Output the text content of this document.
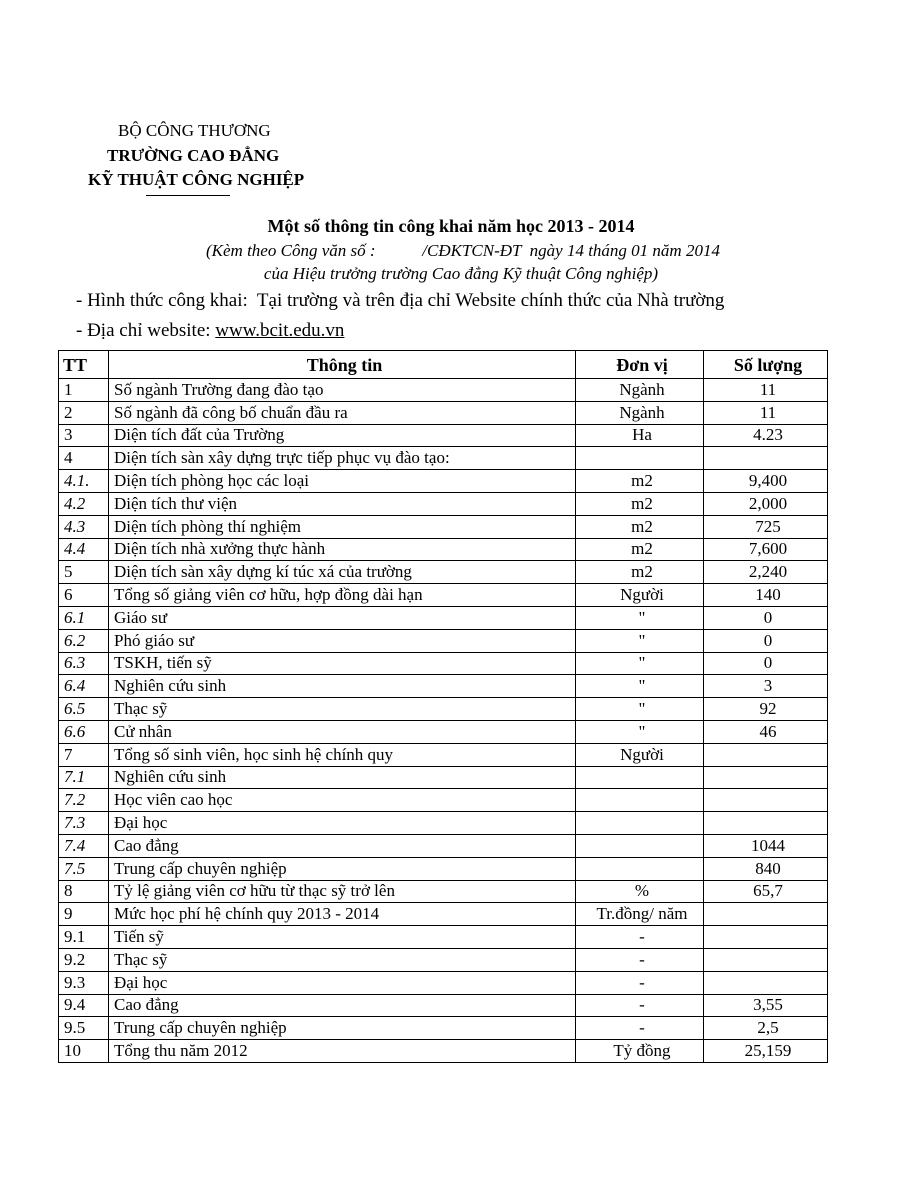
BỘ CÔNG THƯƠNG
TRƯỜNG CAO ĐẲNG
KỸ THUẬT CÔNG NGHIỆP
Một số thông tin công khai năm học 2013 - 2014
(Kèm theo Công văn số :           /CĐKTCN-ĐT  ngày 14 tháng 01 năm 2014
của Hiệu trưởng trường Cao đẳng Kỹ thuật Công nghiệp)
- Hình thức công khai:  Tại trường và trên địa chỉ Website chính thức của Nhà trường
- Địa chỉ website: www.bcit.edu.vn
TT	Thông tin	Đơn vị	Số lượng
1	Số ngành Trường đang đào tạo	Ngành	11
2	Số ngành đã công bố chuẩn đầu ra	Ngành	11
3	Diện tích đất của Trường	Ha	4.23
4	Diện tích sàn xây dựng trực tiếp phục vụ đào tạo:		
4.1.	Diện tích phòng học các loại	m2	9,400
4.2	Diện tích thư viện	m2	2,000
4.3	Diện tích phòng thí nghiệm	m2	725
4.4	Diện tích nhà xưởng thực hành	m2	7,600
5	Diện tích sàn xây dựng kí túc xá của trường	m2	2,240
6	Tổng số giảng viên cơ hữu, hợp đồng dài hạn	Người	140
6.1	Giáo sư	"	0
6.2	Phó giáo sư	"	0
6.3	TSKH, tiến sỹ	"	0
6.4	Nghiên cứu sinh	"	3
6.5	Thạc sỹ	"	92
6.6	Cử nhân	"	46
7	Tổng số sinh viên, học sinh hệ chính quy	Người	
7.1	Nghiên cứu sinh		
7.2	Học viên cao học		
7.3	Đại học		
7.4	Cao đẳng		1044
7.5	Trung cấp chuyên nghiệp		840
8	Tỷ lệ giảng viên cơ hữu từ thạc sỹ trở lên	%	65,7
9	Mức học phí hệ chính quy 2013 - 2014	Tr.đồng/ năm	
9.1	Tiến sỹ	-	
9.2	Thạc sỹ	-	
9.3	Đại học	-	
9.4	Cao đẳng	-	3,55
9.5	Trung cấp chuyên nghiệp	-	2,5
10	Tổng thu năm 2012	Tỷ đồng	25,159
